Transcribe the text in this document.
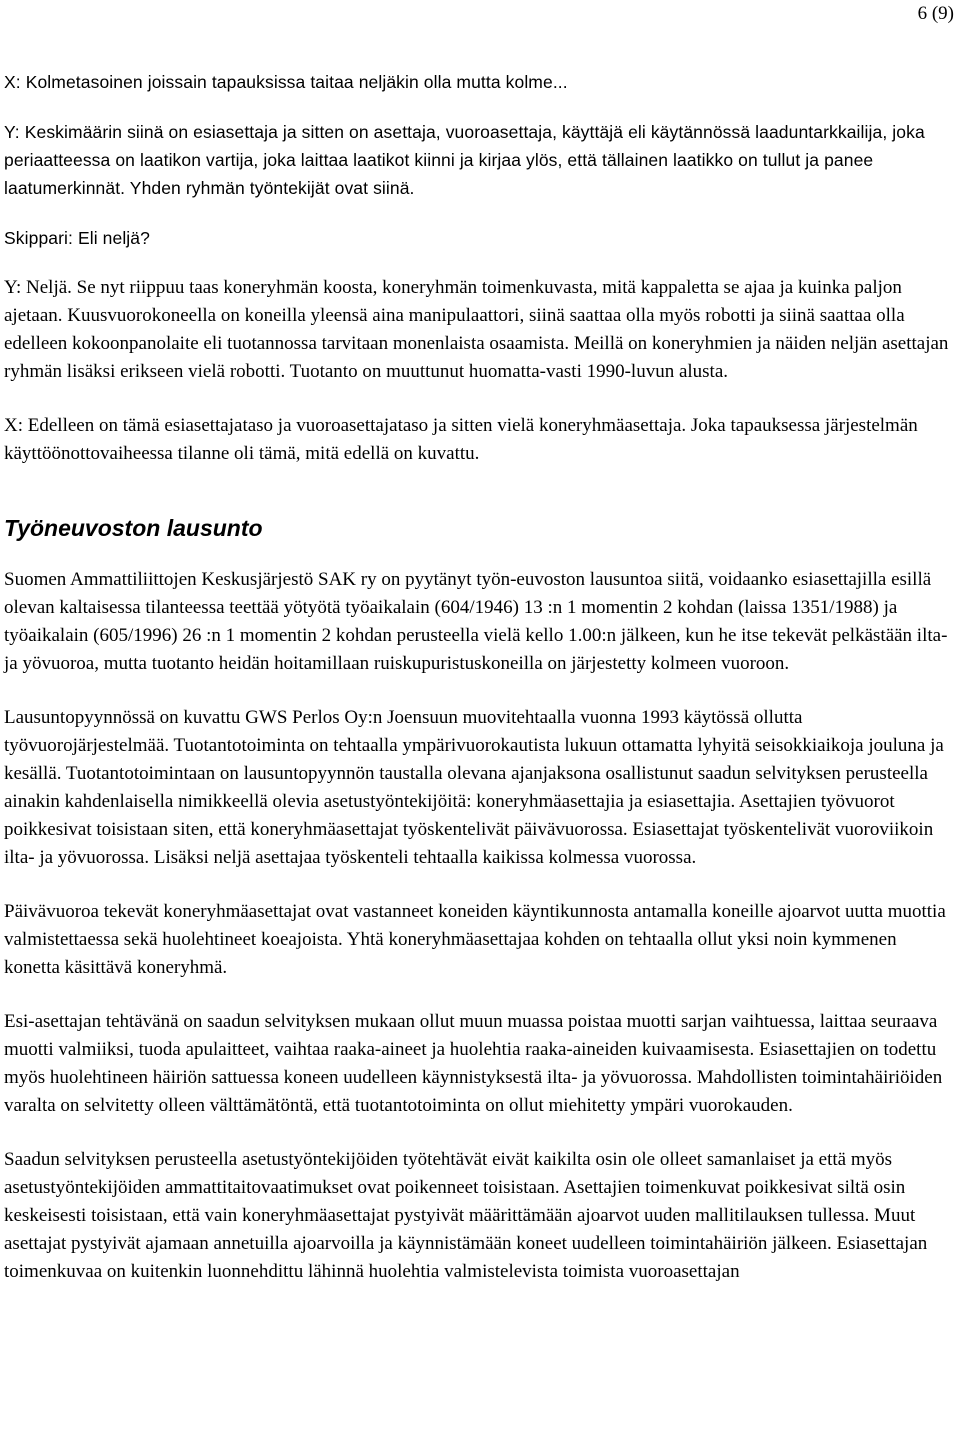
6 (9)

X: Kolmetasoinen joissain tapauksissa taitaa neljäkin olla mutta kolme...

Y: Keskimäärin siinä on esiasettaja ja sitten on asettaja, vuoroasettaja, käyttäjä eli käytännössä laaduntarkkailija, joka periaatteessa on laatikon vartija, joka laittaa laatikot kiinni ja kirjaa ylös, että tällainen laatikko on tullut ja panee laatumerkinnät. Yhden ryhmän työntekijät ovat siinä.

Skippari: Eli neljä?

Y: Neljä. Se nyt riippuu taas koneryhmän koosta, koneryhmän toimenkuvasta, mitä kappaletta se ajaa ja kuinka paljon ajetaan. Kuusvuorokoneella on koneilla yleensä aina manipulaattori, siinä saattaa olla myös robotti ja siinä saattaa olla edelleen kokoonpanolaite eli tuotannossa tarvitaan monenlaista osaamista. Meillä on koneryhmien ja näiden neljän asettajan ryhmän lisäksi erikseen vielä robotti. Tuotanto on muuttunut huomatta-vasti 1990-luvun alusta.

X: Edelleen on tämä esiasettajataso ja vuoroasettajataso ja sitten vielä koneryhmäasettaja. Joka tapauksessa järjestelmän käyttöönottovaiheessa tilanne oli tämä, mitä edellä on kuvattu.

Työneuvoston lausunto

Suomen Ammattiliittojen Keskusjärjestö SAK ry on pyytänyt työn-euvoston lausuntoa siitä, voidaanko esiasettajilla esillä olevan kaltaisessa tilanteessa teettää yötyötä työaikalain (604/1946) 13 :n 1 momentin 2 kohdan (laissa 1351/1988) ja työaikalain (605/1996) 26 :n 1 momentin 2 kohdan perusteella vielä kello 1.00:n jälkeen, kun he itse tekevät pelkästään ilta- ja yövuoroa, mutta tuotanto heidän hoitamillaan ruiskupuristuskoneilla on järjestetty kolmeen vuoroon.

Lausuntopyynnössä on kuvattu GWS Perlos Oy:n Joensuun muovitehtaalla vuonna 1993 käytössä ollutta työvuorojärjestelmää. Tuotantotoiminta on tehtaalla ympärivuorokautista lukuun ottamatta lyhyitä seisokkiaikoja jouluna ja kesällä. Tuotantotoimintaan on lausuntopyynnön taustalla olevana ajanjaksona osallistunut saadun selvityksen perusteella ainakin kahdenlaisella nimikkeellä olevia asetustyöntekijöitä: koneryhmäasettajia ja esiasettajia. Asettajien työvuorot poikkesivat toisistaan siten, että koneryhmäasettajat työskentelivät päivävuorossa. Esiasettajat työskentelivät vuoroviikoin ilta- ja yövuorossa. Lisäksi neljä asettajaa työskenteli tehtaalla kaikissa kolmessa vuorossa.

Päivävuoroa tekevät koneryhmäasettajat ovat vastanneet koneiden käyntikunnosta antamalla koneille ajoarvot uutta muottia valmistettaessa sekä huolehtineet koeajoista. Yhtä koneryhmäasettajaa kohden on tehtaalla ollut yksi noin kymmenen konetta käsittävä koneryhmä.

Esi-asettajan tehtävänä on saadun selvityksen mukaan ollut muun muassa poistaa muotti sarjan vaihtuessa, laittaa seuraava muotti valmiiksi, tuoda apulaitteet, vaihtaa raaka-aineet ja huolehtia raaka-aineiden kuivaamisesta. Esiasettajien on todettu myös huolehtineen häiriön sattuessa koneen uudelleen käynnistyksestä ilta- ja yövuorossa. Mahdollisten toimintahäiriöiden varalta on selvitetty olleen välttämätöntä, että tuotantotoiminta on ollut miehitetty ympäri vuorokauden.

Saadun selvityksen perusteella asetustyöntekijöiden työtehtävät eivät kaikilta osin ole olleet samanlaiset ja että myös asetustyöntekijöiden ammattitaitovaatimukset ovat poikenneet toisistaan. Asettajien toimenkuvat poikkesivat siltä osin keskeisesti toisistaan, että vain koneryhmäasettajat pystyivät määrittämään ajoarvot uuden mallitilauksen tullessa. Muut asettajat pystyivät ajamaan annetuilla ajoarvoilla ja käynnistämään koneet uudelleen toimintahäiriön jälkeen. Esiasettajan toimenkuvaa on kuitenkin luonnehdittu lähinnä huolehtia valmistelevista toimista vuoroasettajan
